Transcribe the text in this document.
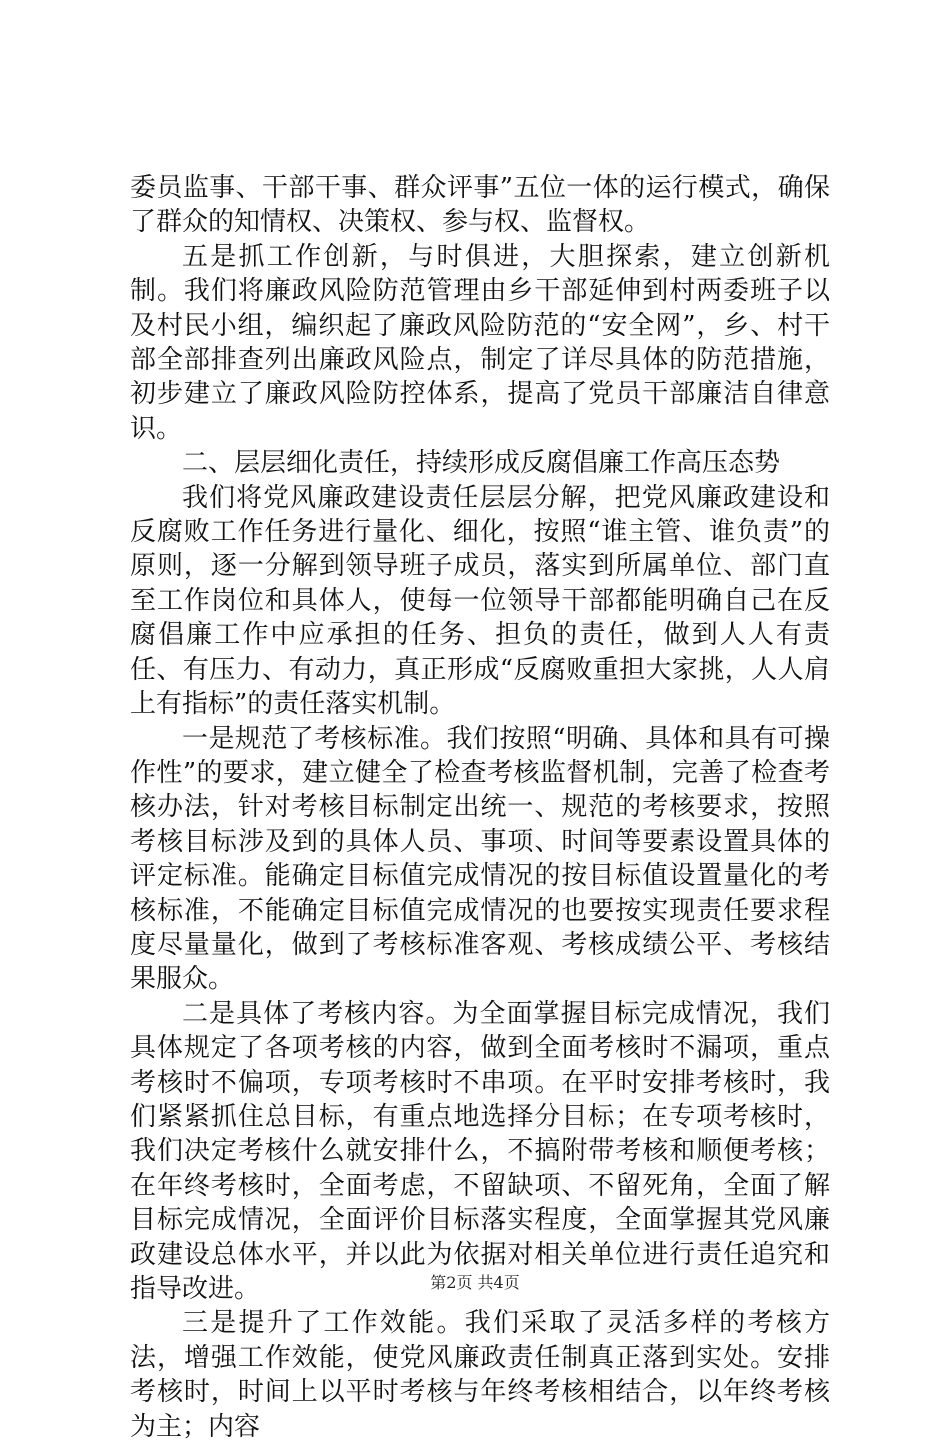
委员监事、干部干事、群众评事”五位一体的运行模式，确保了群众的知情权、决策权、参与权、监督权。

五是抓工作创新，与时俱进，大胆探索，建立创新机制。我们将廉政风险防范管理由乡干部延伸到村两委班子以及村民小组，编织起了廉政风险防范的“安全网”，乡、村干部全部排查列出廉政风险点，制定了详尽具体的防范措施，初步建立了廉政风险防控体系，提高了党员干部廉洁自律意识。

二、层层细化责任，持续形成反腐倡廉工作高压态势

我们将党风廉政建设责任层层分解，把党风廉政建设和反腐败工作任务进行量化、细化，按照“谁主管、谁负责”的原则，逐一分解到领导班子成员，落实到所属单位、部门直至工作岗位和具体人，使每一位领导干部都能明确自己在反腐倡廉工作中应承担的任务、担负的责任，做到人人有责任、有压力、有动力，真正形成“反腐败重担大家挑，人人肩上有指标”的责任落实机制。

一是规范了考核标准。我们按照“明确、具体和具有可操作性”的要求，建立健全了检查考核监督机制，完善了检查考核办法，针对考核目标制定出统一、规范的考核要求，按照考核目标涉及到的具体人员、事项、时间等要素设置具体的评定标准。能确定目标值完成情况的按目标值设置量化的考核标准，不能确定目标值完成情况的也要按实现责任要求程度尽量量化，做到了考核标准客观、考核成绩公平、考核结果服众。

二是具体了考核内容。为全面掌握目标完成情况，我们具体规定了各项考核的内容，做到全面考核时不漏项，重点考核时不偏项，专项考核时不串项。在平时安排考核时，我们紧紧抓住总目标，有重点地选择分目标；在专项考核时，我们决定考核什么就安排什么，不搞附带考核和顺便考核；在年终考核时，全面考虑，不留缺项、不留死角，全面了解目标完成情况，全面评价目标落实程度，全面掌握其党风廉政建设总体水平，并以此为依据对相关单位进行责任追究和指导改进。

三是提升了工作效能。我们采取了灵活多样的考核方法，增强工作效能，使党风廉政责任制真正落到实处。安排考核时，时间上以平时考核与年终考核相结合，以年终考核为主；内容

第2页 共4页
